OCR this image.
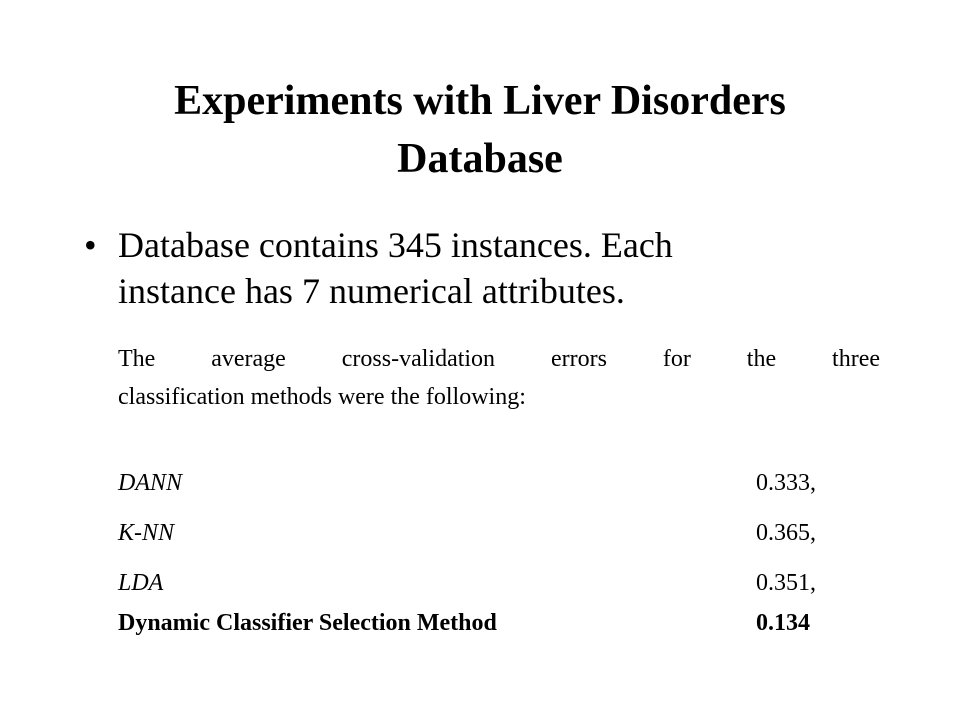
Experiments with Liver Disorders
Database
• Database contains 345 instances. Each
instance has 7 numerical attributes.
The average cross-validation errors for the three
classification methods were the following:
DANN	0.333,
K-NN	0.365,
LDA	0.351,
Dynamic Classifier Selection Method	0.134
